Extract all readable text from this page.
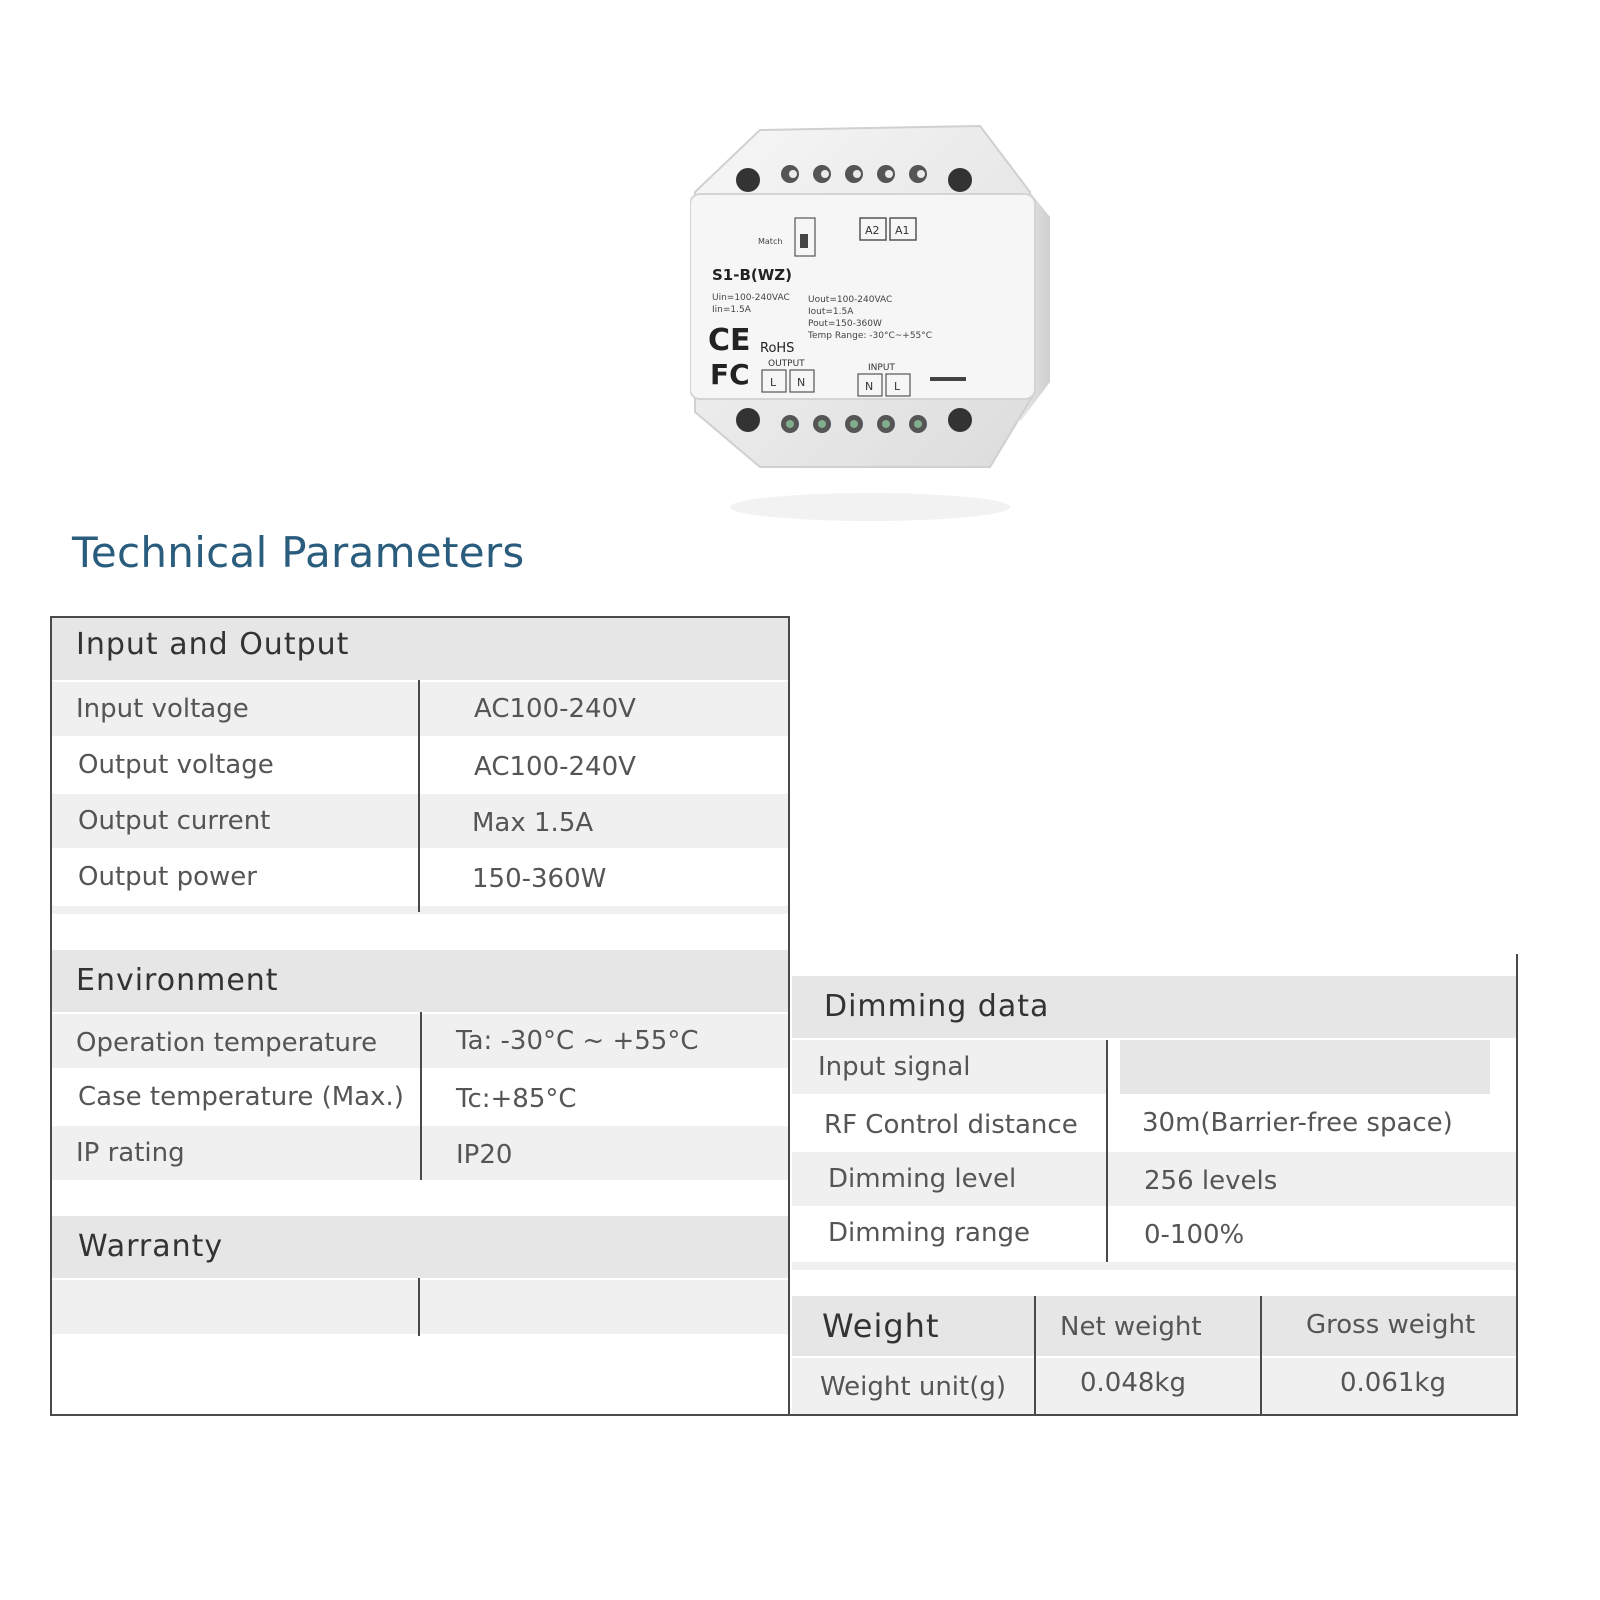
S1-B(WZ)
Uin=100-240VAC
Iin=1.5A
Uout=100-240VAC
Iout=1.5A
Pout=150-360W
Temp Range: -30°C~+55°C
A2 A1
Match
CE RoHS
FC OUTPUT
L N
INPUT
N L
Technical Parameters
Input and Output
Input voltage	AC100-240V
Output voltage	AC100-240V
Output current	Max 1.5A
Output power	150-360W
Environment
Operation temperature	Ta: -30°C ~ +55°C
Case temperature (Max.) Tc:+85°C
IP rating	IP20
Warranty
Dimming data
Input signal
RF Control distance 30m(Barrier-free space)
Dimming level	256 levels
Dimming range	0-100%
Weight	Net weight	Gross weight
Weight unit(g)	0.048kg	0.061kg
